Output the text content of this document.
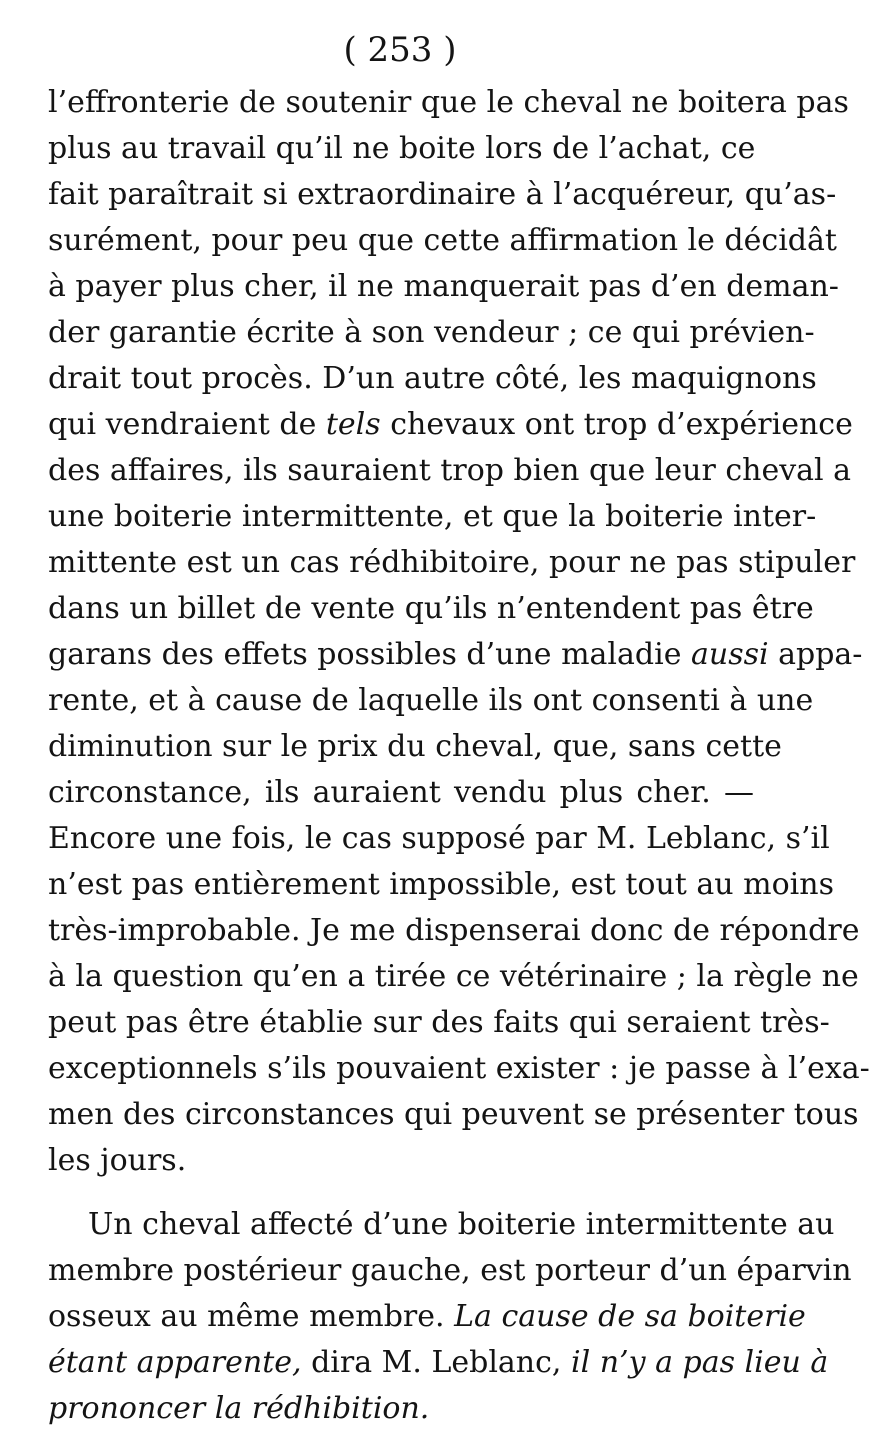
( 253 )
l’effronterie de soutenir que le cheval ne boitera pas
plus au travail qu’il ne boite lors de l’achat, ce
fait paraîtrait si extraordinaire à l’acquéreur, qu’as-
surément, pour peu que cette affirmation le décidât
à payer plus cher, il ne manquerait pas d’en deman-
der garantie écrite à son vendeur ; ce qui prévien-
drait tout procès. D’un autre côté, les maquignons
qui vendraient de tels chevaux ont trop d’expérience
des affaires, ils sauraient trop bien que leur cheval a
une boiterie intermittente, et que la boiterie inter-
mittente est un cas rédhibitoire, pour ne pas stipuler
dans un billet de vente qu’ils n’entendent pas être
garans des effets possibles d’une maladie aussi appa-
rente, et à cause de laquelle ils ont consenti à une
diminution sur le prix du cheval, que, sans cette
circonstance, ils auraient vendu plus cher. —
Encore une fois, le cas supposé par M. Leblanc, s’il
n’est pas entièrement impossible, est tout au moins
très-improbable. Je me dispenserai donc de répondre
à la question qu’en a tirée ce vétérinaire ; la règle ne
peut pas être établie sur des faits qui seraient très-
exceptionnels s’ils pouvaient exister : je passe à l’exa-
men des circonstances qui peuvent se présenter tous
les jours.
Un cheval affecté d’une boiterie intermittente au
membre postérieur gauche, est porteur d’un éparvin
osseux au même membre. La cause de sa boiterie
étant apparente, dira M. Leblanc, il n’y a pas lieu à
prononcer la rédhibition.
